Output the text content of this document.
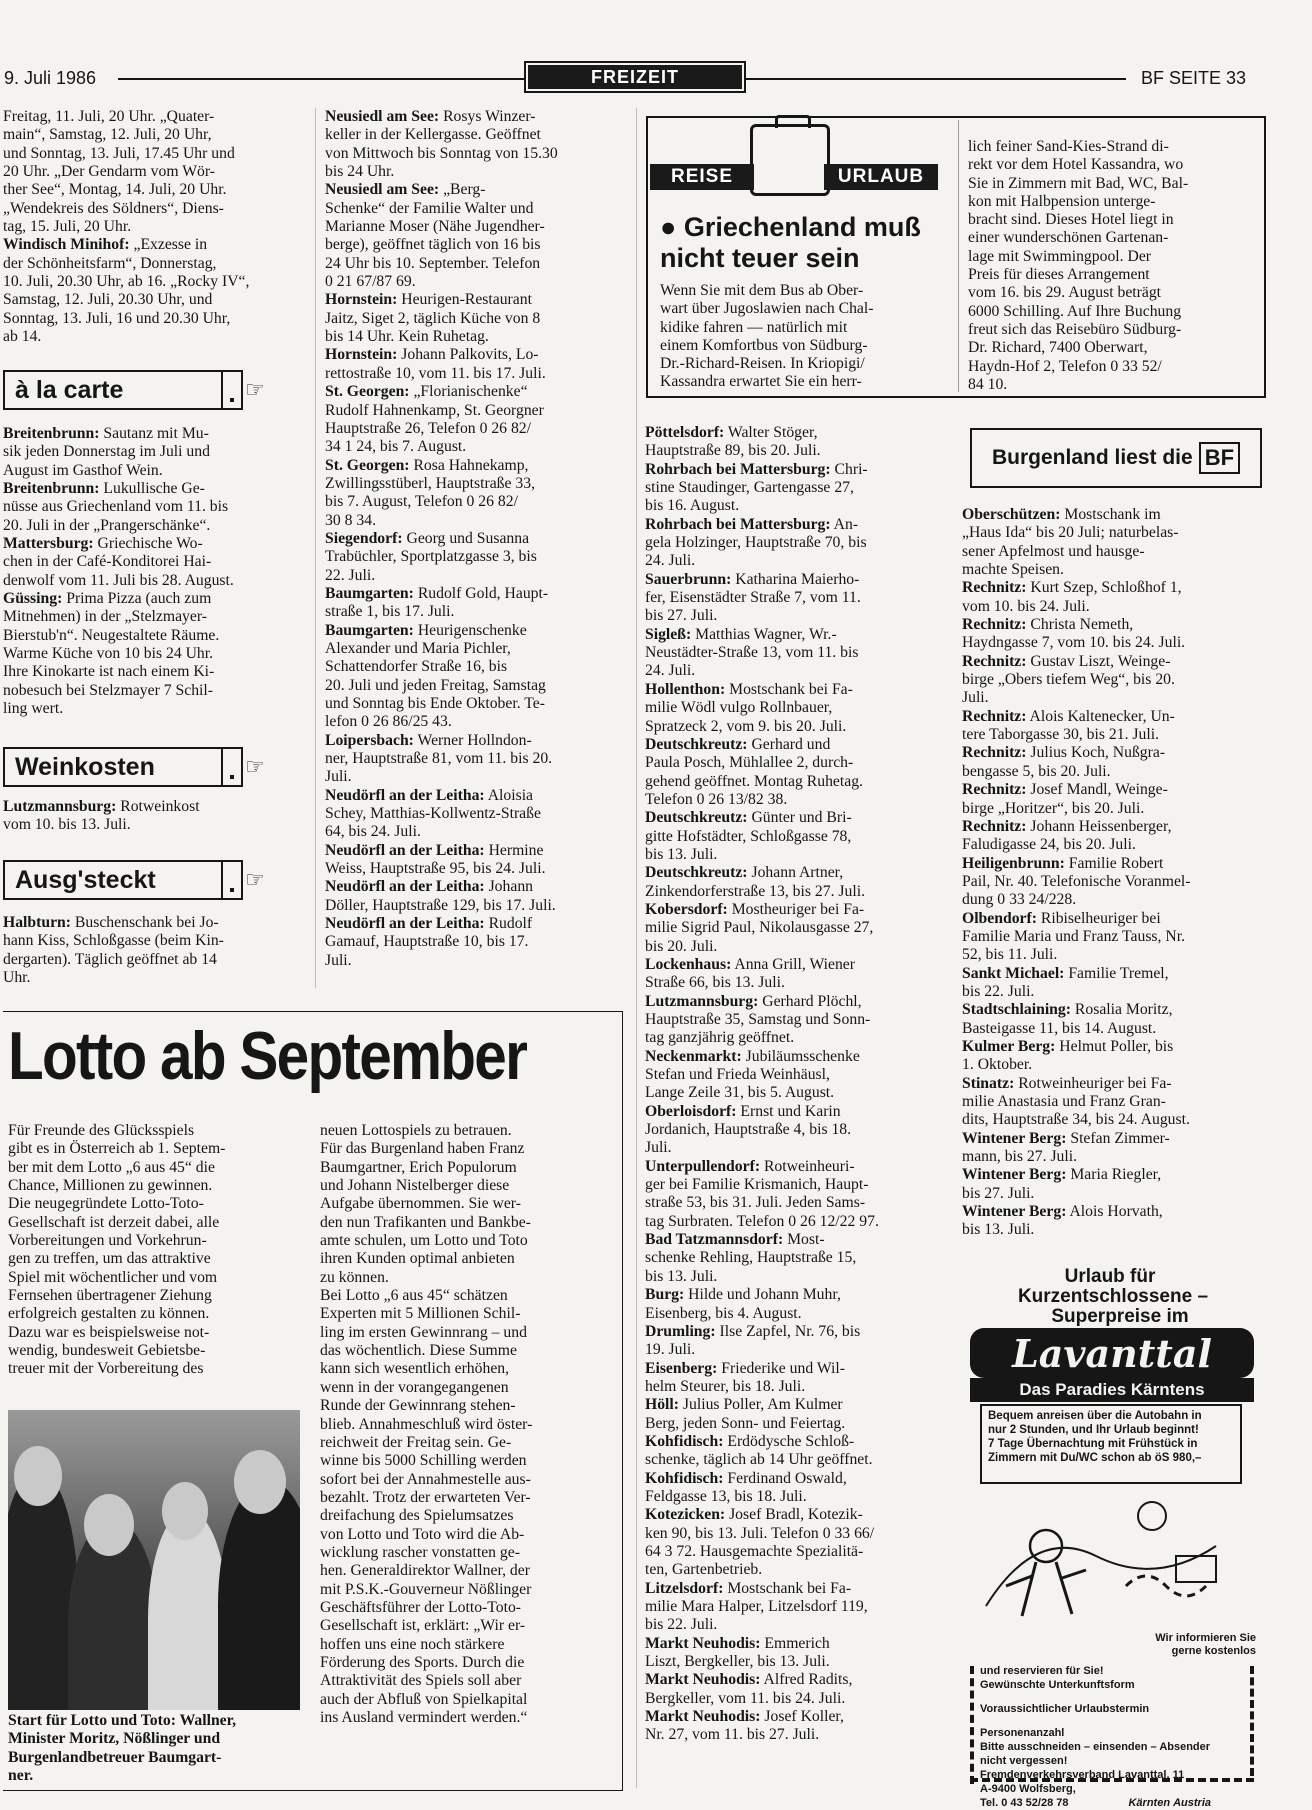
9. Juli 1986	FREIZEIT	BF SEITE 33
Freitag, 11. Juli, 20 Uhr. „Quater-
main“, Samstag, 12. Juli, 20 Uhr,
und Sonntag, 13. Juli, 17.45 Uhr und
20 Uhr. „Der Gendarm vom Wör-
ther See“, Montag, 14. Juli, 20 Uhr.
„Wendekreis des Söldners“, Diens-
tag, 15. Juli, 20 Uhr.
Windisch Minihof: „Exzesse in
der Schönheitsfarm“, Donnerstag,
10. Juli, 20.30 Uhr, ab 16. „Rocky IV“,
Samstag, 12. Juli, 20.30 Uhr, und
Sonntag, 13. Juli, 16 und 20.30 Uhr,
ab 14.
à la carte	☞
Breitenbrunn: Sautanz mit Mu-
sik jeden Donnerstag im Juli und
August im Gasthof Wein.
Breitenbrunn: Lukullische Ge-
nüsse aus Griechenland vom 11. bis
20. Juli in der „Prangerschänke“.
Mattersburg: Griechische Wo-
chen in der Café-Konditorei Hai-
denwolf vom 11. Juli bis 28. August.
Güssing: Prima Pizza (auch zum
Mitnehmen) in der „Stelzmayer-
Bierstub'n“. Neugestaltete Räume.
Warme Küche von 10 bis 24 Uhr.
Ihre Kinokarte ist nach einem Ki-
nobesuch bei Stelzmayer 7 Schil-
ling wert.
Weinkosten	☞
Lutzmannsburg: Rotweinkost
vom 10. bis 13. Juli.
Ausg'steckt	☞
Halbturn: Buschenschank bei Jo-
hann Kiss, Schloßgasse (beim Kin-
dergarten). Täglich geöffnet ab 14
Uhr.
Neusiedl am See: Rosys Winzer-
keller in der Kellergasse. Geöffnet
von Mittwoch bis Sonntag von 15.30
bis 24 Uhr.
Neusiedl am See: „Berg-
Schenke“ der Familie Walter und
Marianne Moser (Nähe Jugendher-
berge), geöffnet täglich von 16 bis
24 Uhr bis 10. September. Telefon
0 21 67/87 69.
Hornstein: Heurigen-Restaurant
Jaitz, Siget 2, täglich Küche von 8
bis 14 Uhr. Kein Ruhetag.
Hornstein: Johann Palkovits, Lo-
rettostraße 10, vom 11. bis 17. Juli.
St. Georgen: „Florianischenke“
Rudolf Hahnenkamp, St. Georgner
Hauptstraße 26, Telefon 0 26 82/
34 1 24, bis 7. August.
St. Georgen: Rosa Hahnekamp,
Zwillingsstüberl, Hauptstraße 33,
bis 7. August, Telefon 0 26 82/
30 8 34.
Siegendorf: Georg und Susanna
Trabüchler, Sportplatzgasse 3, bis
22. Juli.
Baumgarten: Rudolf Gold, Haupt-
straße 1, bis 17. Juli.
Baumgarten: Heurigenschenke
Alexander und Maria Pichler,
Schattendorfer Straße 16, bis
20. Juli und jeden Freitag, Samstag
und Sonntag bis Ende Oktober. Te-
lefon 0 26 86/25 43.
Loipersbach: Werner Hollndon-
ner, Hauptstraße 81, vom 11. bis 20.
Juli.
Neudörfl an der Leitha: Aloisia
Schey, Matthias-Kollwentz-Straße
64, bis 24. Juli.
Neudörfl an der Leitha: Hermine
Weiss, Hauptstraße 95, bis 24. Juli.
Neudörfl an der Leitha: Johann
Döller, Hauptstraße 129, bis 17. Juli.
Neudörfl an der Leitha: Rudolf
Gamauf, Hauptstraße 10, bis 17.
Juli.
REISE	URLAUB
● Griechenland muß
nicht teuer sein
Wenn Sie mit dem Bus ab Ober-
wart über Jugoslawien nach Chal-
kidike fahren — natürlich mit
einem Komfortbus von Südburg-
Dr.-Richard-Reisen. In Kriopigi/
Kassandra erwartet Sie ein herr-
lich feiner Sand-Kies-Strand di-
rekt vor dem Hotel Kassandra, wo
Sie in Zimmern mit Bad, WC, Bal-
kon mit Halbpension unterge-
bracht sind. Dieses Hotel liegt in
einer wunderschönen Gartenan-
lage mit Swimmingpool. Der
Preis für dieses Arrangement
vom 16. bis 29. August beträgt
6000 Schilling. Auf Ihre Buchung
freut sich das Reisebüro Südburg-
Dr. Richard, 7400 Oberwart,
Haydn-Hof 2, Telefon 0 33 52/
84 10.
Pöttelsdorf: Walter Stöger,
Hauptstraße 89, bis 20. Juli.
Rohrbach bei Mattersburg: Chri-
stine Staudinger, Gartengasse 27,
bis 16. August.
Rohrbach bei Mattersburg: An-
gela Holzinger, Hauptstraße 70, bis
24. Juli.
Sauerbrunn: Katharina Maierho-
fer, Eisenstädter Straße 7, vom 11.
bis 27. Juli.
Sigleß: Matthias Wagner, Wr.-
Neustädter-Straße 13, vom 11. bis
24. Juli.
Hollenthon: Mostschank bei Fa-
milie Wödl vulgo Rollnbauer,
Spratzeck 2, vom 9. bis 20. Juli.
Deutschkreutz: Gerhard und
Paula Posch, Mühlallee 2, durch-
gehend geöffnet. Montag Ruhetag.
Telefon 0 26 13/82 38.
Deutschkreutz: Günter und Bri-
gitte Hofstädter, Schloßgasse 78,
bis 13. Juli.
Deutschkreutz: Johann Artner,
Zinkendorferstraße 13, bis 27. Juli.
Kobersdorf: Mostheuriger bei Fa-
milie Sigrid Paul, Nikolausgasse 27,
bis 20. Juli.
Lockenhaus: Anna Grill, Wiener
Straße 66, bis 13. Juli.
Lutzmannsburg: Gerhard Plöchl,
Hauptstraße 35, Samstag und Sonn-
tag ganzjährig geöffnet.
Neckenmarkt: Jubiläumsschenke
Stefan und Frieda Weinhäusl,
Lange Zeile 31, bis 5. August.
Oberloisdorf: Ernst und Karin
Jordanich, Hauptstraße 4, bis 18.
Juli.
Unterpullendorf: Rotweinheuri-
ger bei Familie Krismanich, Haupt-
straße 53, bis 31. Juli. Jeden Sams-
tag Surbraten. Telefon 0 26 12/22 97.
Bad Tatzmannsdorf: Most-
schenke Rehling, Hauptstraße 15,
bis 13. Juli.
Burg: Hilde und Johann Muhr,
Eisenberg, bis 4. August.
Drumling: Ilse Zapfel, Nr. 76, bis
19. Juli.
Eisenberg: Friederike und Wil-
helm Steurer, bis 18. Juli.
Höll: Julius Poller, Am Kulmer
Berg, jeden Sonn- und Feiertag.
Kohfidisch: Erdödysche Schloß-
schenke, täglich ab 14 Uhr geöffnet.
Kohfidisch: Ferdinand Oswald,
Feldgasse 13, bis 18. Juli.
Kotezicken: Josef Bradl, Kotezik-
ken 90, bis 13. Juli. Telefon 0 33 66/
64 3 72. Hausgemachte Spezialitä-
ten, Gartenbetrieb.
Litzelsdorf: Mostschank bei Fa-
milie Mara Halper, Litzelsdorf 119,
bis 22. Juli.
Markt Neuhodis: Emmerich
Liszt, Bergkeller, bis 13. Juli.
Markt Neuhodis: Alfred Radits,
Bergkeller, vom 11. bis 24. Juli.
Markt Neuhodis: Josef Koller,
Nr. 27, vom 11. bis 27. Juli.
Burgenland liest die BF
Oberschützen: Mostschank im
„Haus Ida“ bis 20 Juli; naturbelas-
sener Apfelmost und hausge-
machte Speisen.
Rechnitz: Kurt Szep, Schloßhof 1,
vom 10. bis 24. Juli.
Rechnitz: Christa Nemeth,
Haydngasse 7, vom 10. bis 24. Juli.
Rechnitz: Gustav Liszt, Weinge-
birge „Obers tiefem Weg“, bis 20.
Juli.
Rechnitz: Alois Kaltenecker, Un-
tere Taborgasse 30, bis 21. Juli.
Rechnitz: Julius Koch, Nußgra-
bengasse 5, bis 20. Juli.
Rechnitz: Josef Mandl, Weinge-
birge „Horitzer“, bis 20. Juli.
Rechnitz: Johann Heissenberger,
Faludigasse 24, bis 20. Juli.
Heiligenbrunn: Familie Robert
Pail, Nr. 40. Telefonische Voranmel-
dung 0 33 24/228.
Olbendorf: Ribiselheuriger bei
Familie Maria und Franz Tauss, Nr.
52, bis 11. Juli.
Sankt Michael: Familie Tremel,
bis 22. Juli.
Stadtschlaining: Rosalia Moritz,
Basteigasse 11, bis 14. August.
Kulmer Berg: Helmut Poller, bis
1. Oktober.
Stinatz: Rotweinheuriger bei Fa-
milie Anastasia und Franz Gran-
dits, Hauptstraße 34, bis 24. August.
Wintener Berg: Stefan Zimmer-
mann, bis 27. Juli.
Wintener Berg: Maria Riegler,
bis 27. Juli.
Wintener Berg: Alois Horvath,
bis 13. Juli.
Urlaub für
Kurzentschlossene –
Superpreise im
Lavanttal
Das Paradies Kärntens
Bequem anreisen über die Autobahn in
nur 2 Stunden, und Ihr Urlaub beginnt!
7 Tage Übernachtung mit Frühstück in
Zimmern mit Du/WC schon ab öS 980,–
Wir informieren Sie
gerne kostenlos
und reservieren für Sie!
Gewünschte Unterkunftsform
Voraussichtlicher Urlaubstermin
Personenanzahl
Bitte ausschneiden – einsenden – Absender
nicht vergessen!
Fremdenverkehrsverband Lavanttal, 11
A-9400 Wolfsberg,
Tel. 0 43 52/28 78	Kärnten Austria
Lotto ab September
Für Freunde des Glücksspiels
gibt es in Österreich ab 1. Septem-
ber mit dem Lotto „6 aus 45“ die
Chance, Millionen zu gewinnen.
Die neugegründete Lotto-Toto-
Gesellschaft ist derzeit dabei, alle
Vorbereitungen und Vorkehrun-
gen zu treffen, um das attraktive
Spiel mit wöchentlicher und vom
Fernsehen übertragener Ziehung
erfolgreich gestalten zu können.
Dazu war es beispielsweise not-
wendig, bundesweit Gebietsbe-
treuer mit der Vorbereitung des
Start für Lotto und Toto: Wallner,
Minister Moritz, Nößlinger und
Burgenlandbetreuer Baumgart-
ner.
neuen Lottospiels zu betrauen.
Für das Burgenland haben Franz
Baumgartner, Erich Populorum
und Johann Nistelberger diese
Aufgabe übernommen. Sie wer-
den nun Trafikanten und Bankbe-
amte schulen, um Lotto und Toto
ihren Kunden optimal anbieten
zu können.
Bei Lotto „6 aus 45“ schätzen
Experten mit 5 Millionen Schil-
ling im ersten Gewinnrang – und
das wöchentlich. Diese Summe
kann sich wesentlich erhöhen,
wenn in der vorangegangenen
Runde der Gewinnrang stehen-
blieb. Annahmeschluß wird öster-
reichweit der Freitag sein. Ge-
winne bis 5000 Schilling werden
sofort bei der Annahmestelle aus-
bezahlt. Trotz der erwarteten Ver-
dreifachung des Spielumsatzes
von Lotto und Toto wird die Ab-
wicklung rascher vonstatten ge-
hen. Generaldirektor Wallner, der
mit P.S.K.-Gouverneur Nößlinger
Geschäftsführer der Lotto-Toto-
Gesellschaft ist, erklärt: „Wir er-
hoffen uns eine noch stärkere
Förderung des Sports. Durch die
Attraktivität des Spiels soll aber
auch der Abfluß von Spielkapital
ins Ausland vermindert werden.“
